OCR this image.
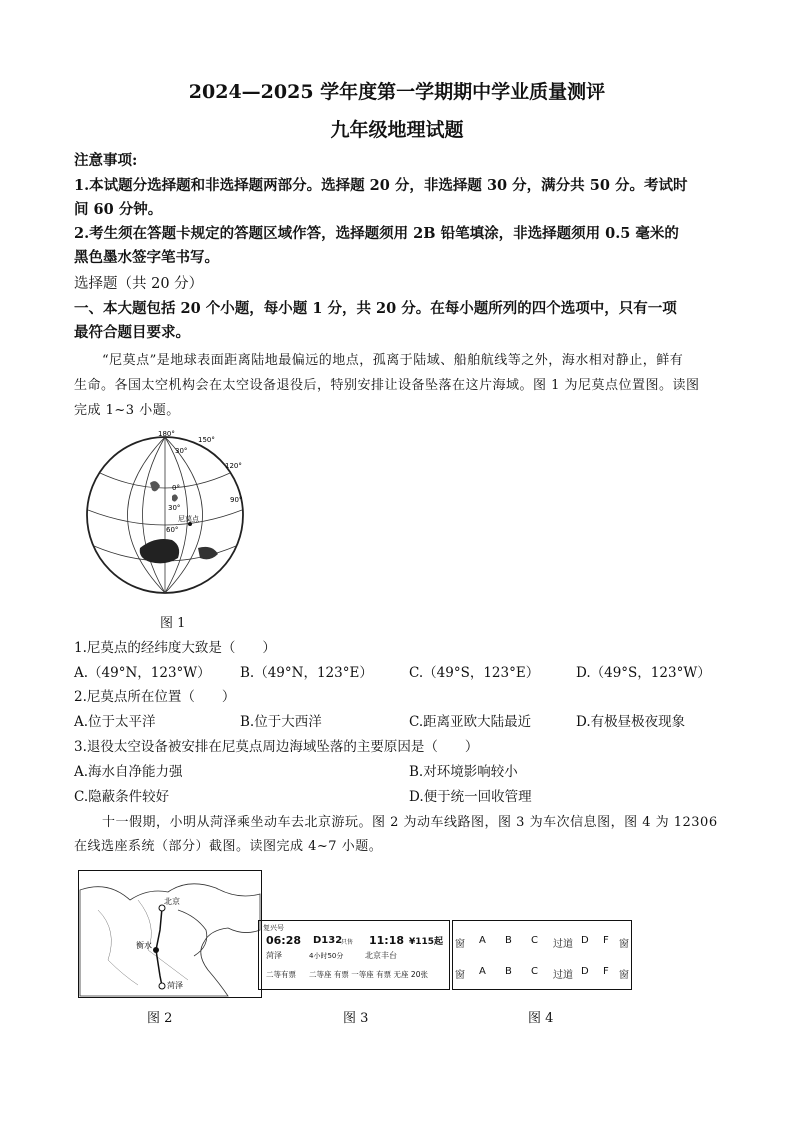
2024—2025 学年度第一学期期中学业质量测评
九年级地理试题
注意事项:
1.本试题分选择题和非选择题两部分。选择题 20 分，非选择题 30 分，满分共 50 分。考试时
间 60 分钟。
2.考生须在答题卡规定的答题区域作答，选择题须用 2B 铅笔填涂，非选择题须用 0.5 毫米的
黑色墨水签字笔书写。
选择题（共 20 分）
一、本大题包括 20 个小题，每小题 1 分，共 20 分。在每小题所列的四个选项中，只有一项
最符合题目要求。
“尼莫点”是地球表面距离陆地最偏远的地点，孤离于陆域、船舶航线等之外，海水相对静止，鲜有
生命。各国太空机构会在太空设备退役后，特别安排让设备坠落在这片海域。图 1 为尼莫点位置图。读图
完成 1~3 小题。
尼莫点
180°
150°
120°
90°
30°
0°
30°
60°
图 1
1.尼莫点的经纬度大致是（　　）
A.（49°N，123°W） B.（49°N，123°E）	C.（49°S，123°E）	D.（49°S，123°W）
2.尼莫点所在位置（　　）
A.位于太平洋	B.位于大西洋	C.距离亚欧大陆最近	D.有极昼极夜现象
3.退役太空设备被安排在尼莫点周边海域坠落的主要原因是（　　）
A.海水自净能力强	B.对环境影响较小
C.隐蔽条件较好	D.便于统一回收管理
十一假期，小明从菏泽乘坐动车去北京游玩。图 2 为动车线路图，图 3 为车次信息图，图 4 为 12306
在线选座系统（部分）截图。读图完成 4~7 小题。
北京
衡水
菏泽
图 2
复兴号
06:28 D132
只售 11:18 ¥115起
菏泽	4小时50分	北京丰台
二等有票 二等座 有票 一等座 有票 无座 20张
图 3
窗 A B C 过道 D F 窗
窗 A B C 过道 D F 窗
图 4
